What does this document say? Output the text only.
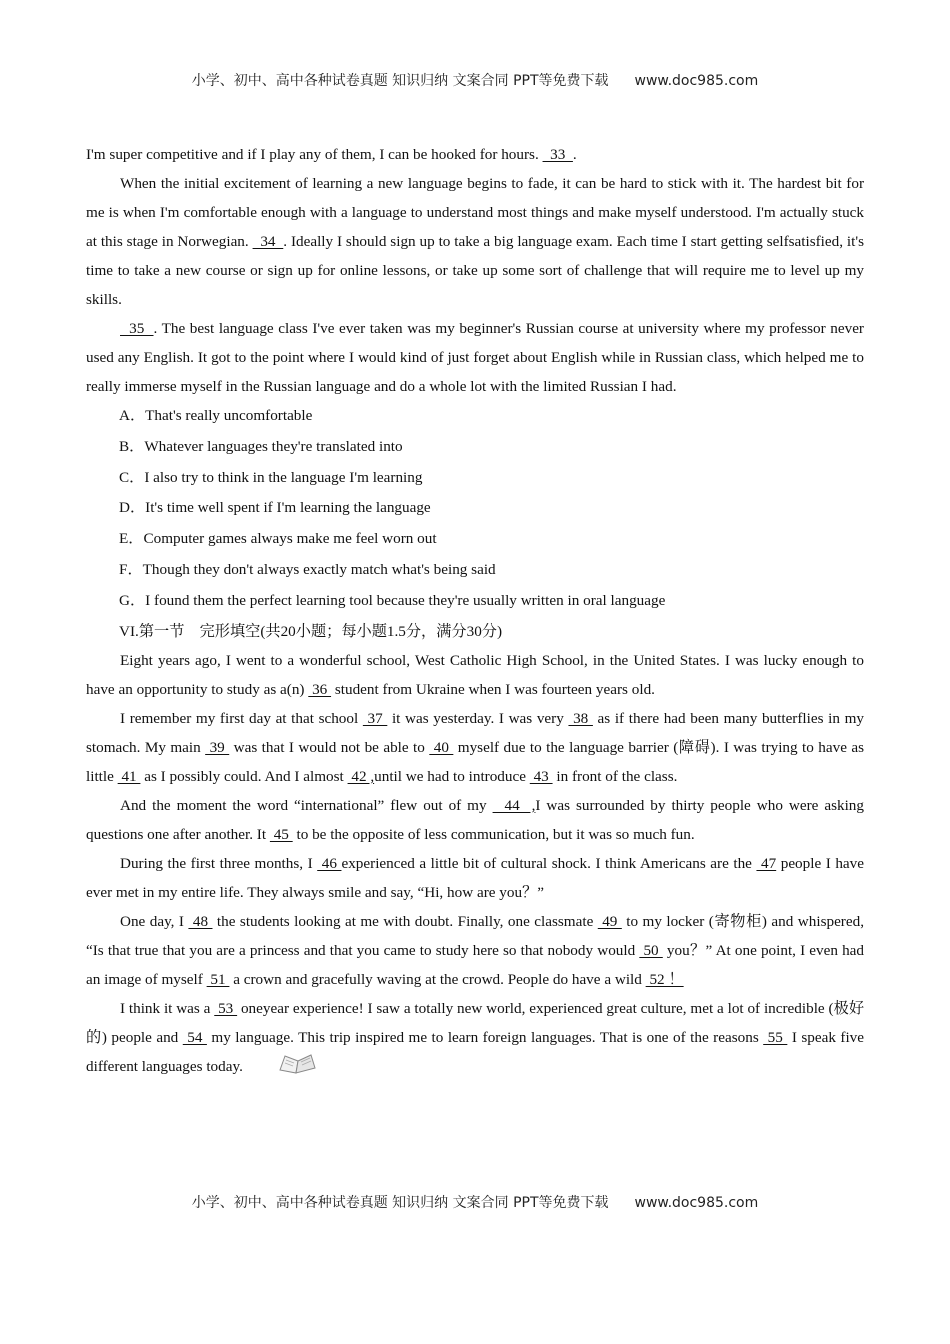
小学、初中、高中各种试卷真题 知识归纳 文案合同 PPT等免费下载 www.doc985.com

I'm super competitive and if I play any of them, I can be hooked for hours.   33  .

When the initial excitement of learning a new language begins to fade, it can be hard to stick with it. The hardest bit for me is when I'm comfortable enough with a language to understand most things and make myself understood. I'm actually stuck at this stage in Norwegian.   34  . Ideally I should sign up to take a big language exam. Each time I start getting selfsatisfied, it's time to take a new course or sign up for online lessons, or take up some sort of challenge that will require me to level up my skills.

35  . The best language class I've ever taken was my beginner's Russian course at university where my professor never used any English. It got to the point where I would kind of just forget about English while in Russian class, which helped me to really immerse myself in the Russian language and do a whole lot with the limited Russian I had.

A．That's really uncomfortable

B．Whatever languages they're translated into

C．I also try to think in the language I'm learning

D．It's time well spent if I'm learning the language

E．Computer games always make me feel worn out

F．Though they don't always exactly match what's being said

G．I found them the perfect learning tool because they're usually written in oral language

VI.第一节　完形填空(共20小题；每小题1.5分，满分30分)

Eight years ago, I went to a wonderful school, West Catholic High School, in the United States. I was lucky enough to have an opportunity to study as a(n)  36  student from Ukraine when I was fourteen years old.

I remember my first day at that school  37  it was yesterday. I was very  38  as if there had been many butterflies in my stomach. My main  39  was that I would not be able to  40  myself due to the language barrier (障碍). I was trying to have as little  41  as I possibly could. And I almost  42 ,until we had to introduce  43  in front of the class.

And the moment the word “international” flew out of my   44  ,I was surrounded by thirty people who were asking questions one after another. It  45  to be the opposite of less communication, but it was so much fun.

During the first three months, I  46 experienced a little bit of cultural shock. I think Americans are the  47 people I have ever met in my entire life. They always smile and say, “Hi, how are you？”

One day, I  48  the students looking at me with doubt. Finally, one classmate  49  to my locker (寄物柜) and whispered, “Is that true that you are a princess and that you came to study here so that nobody would  50  you？” At one point, I even had an image of myself  51  a crown and gracefully waving at the crowd. People do have a wild  52 ！

I think it was a  53  oneyear experience! I saw a totally new world, experienced great culture, met a lot of incredible (极好的) people and  54  my language. This trip inspired me to learn foreign languages. That is one of the reasons  55  I speak five different languages today.

小学、初中、高中各种试卷真题 知识归纳 文案合同 PPT等免费下载 www.doc985.com
